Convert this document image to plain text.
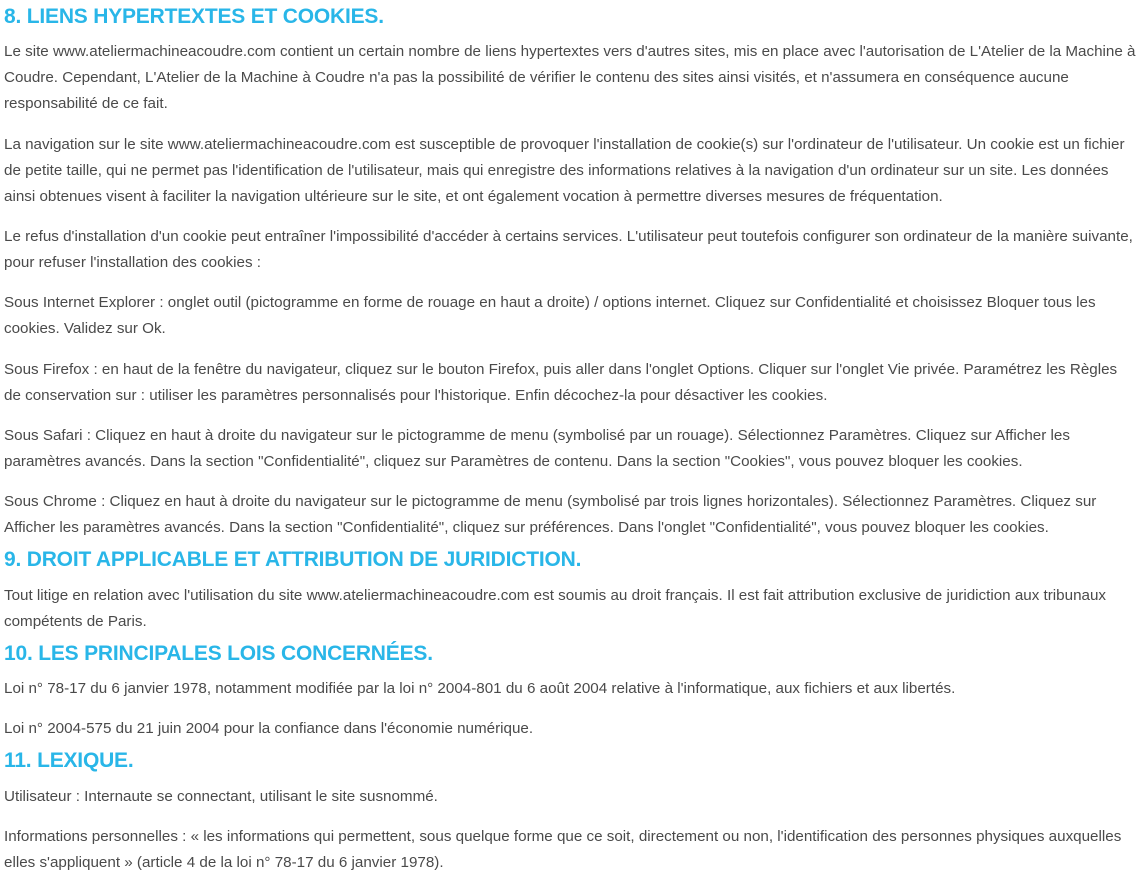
8. LIENS HYPERTEXTES ET COOKIES.

Le site www.ateliermachineacoudre.com contient un certain nombre de liens hypertextes vers d'autres sites, mis en place avec l'autorisation de L'Atelier de la Machine à Coudre. Cependant, L'Atelier de la Machine à Coudre n'a pas la possibilité de vérifier le contenu des sites ainsi visités, et n'assumera en conséquence aucune responsabilité de ce fait.

La navigation sur le site www.ateliermachineacoudre.com est susceptible de provoquer l'installation de cookie(s) sur l'ordinateur de l'utilisateur. Un cookie est un fichier de petite taille, qui ne permet pas l'identification de l'utilisateur, mais qui enregistre des informations relatives à la navigation d'un ordinateur sur un site. Les données ainsi obtenues visent à faciliter la navigation ultérieure sur le site, et ont également vocation à permettre diverses mesures de fréquentation.

Le refus d'installation d'un cookie peut entraîner l'impossibilité d'accéder à certains services. L'utilisateur peut toutefois configurer son ordinateur de la manière suivante, pour refuser l'installation des cookies :

Sous Internet Explorer : onglet outil (pictogramme en forme de rouage en haut a droite) / options internet. Cliquez sur Confidentialité et choisissez Bloquer tous les cookies. Validez sur Ok.

Sous Firefox : en haut de la fenêtre du navigateur, cliquez sur le bouton Firefox, puis aller dans l'onglet Options. Cliquer sur l'onglet Vie privée. Paramétrez les Règles de conservation sur : utiliser les paramètres personnalisés pour l'historique. Enfin décochez-la pour désactiver les cookies.

Sous Safari : Cliquez en haut à droite du navigateur sur le pictogramme de menu (symbolisé par un rouage). Sélectionnez Paramètres. Cliquez sur Afficher les paramètres avancés. Dans la section "Confidentialité", cliquez sur Paramètres de contenu. Dans la section "Cookies", vous pouvez bloquer les cookies.

Sous Chrome : Cliquez en haut à droite du navigateur sur le pictogramme de menu (symbolisé par trois lignes horizontales). Sélectionnez Paramètres. Cliquez sur Afficher les paramètres avancés. Dans la section "Confidentialité", cliquez sur préférences. Dans l'onglet "Confidentialité", vous pouvez bloquer les cookies.

9. DROIT APPLICABLE ET ATTRIBUTION DE JURIDICTION.

Tout litige en relation avec l'utilisation du site www.ateliermachineacoudre.com est soumis au droit français. Il est fait attribution exclusive de juridiction aux tribunaux compétents de Paris.

10. LES PRINCIPALES LOIS CONCERNÉES.

Loi n° 78-17 du 6 janvier 1978, notamment modifiée par la loi n° 2004-801 du 6 août 2004 relative à l'informatique, aux fichiers et aux libertés.

Loi n° 2004-575 du 21 juin 2004 pour la confiance dans l'économie numérique.

11. LEXIQUE.

Utilisateur : Internaute se connectant, utilisant le site susnommé.

Informations personnelles : « les informations qui permettent, sous quelque forme que ce soit, directement ou non, l'identification des personnes physiques auxquelles elles s'appliquent » (article 4 de la loi n° 78-17 du 6 janvier 1978).
